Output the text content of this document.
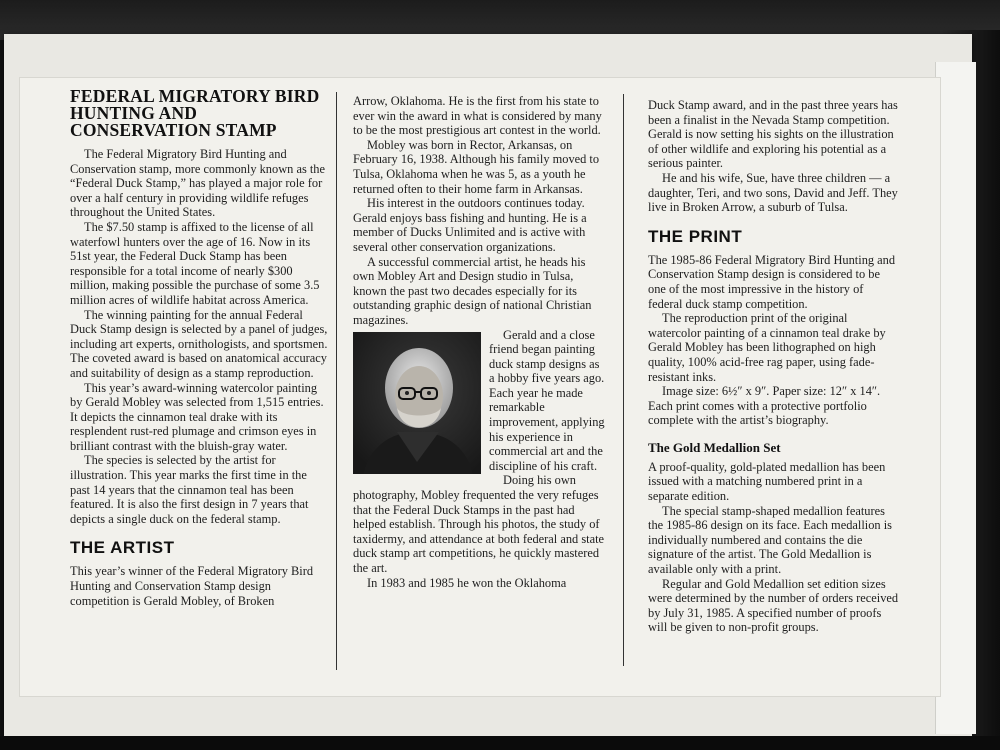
FEDERAL MIGRATORY BIRD HUNTING AND CONSERVATION STAMP

The Federal Migratory Bird Hunting and Conservation stamp, more commonly known as the “Federal Duck Stamp,” has played a major role for over a half century in providing wildlife refuges throughout the United States.

The $7.50 stamp is affixed to the license of all waterfowl hunters over the age of 16. Now in its 51st year, the Federal Duck Stamp has been responsible for a total income of nearly $300 million, making possible the purchase of some 3.5 million acres of wildlife habitat across America.

The winning painting for the annual Federal Duck Stamp design is selected by a panel of judges, including art experts, ornithologists, and sportsmen. The coveted award is based on anatomical accuracy and suitability of design as a stamp reproduction.

This year’s award-winning watercolor painting by Gerald Mobley was selected from 1,515 entries. It depicts the cinnamon teal drake with its resplendent rust-red plumage and crimson eyes in brilliant contrast with the bluish-gray water.

The species is selected by the artist for illustration. This year marks the first time in the past 14 years that the cinnamon teal has been featured. It is also the first design in 7 years that depicts a single duck on the federal stamp.

THE ARTIST

This year’s winner of the Federal Migratory Bird Hunting and Conservation Stamp design competition is Gerald Mobley, of Broken

Arrow, Oklahoma. He is the first from his state to ever win the award in what is considered by many to be the most prestigious art contest in the world.

Mobley was born in Rector, Arkansas, on February 16, 1938. Although his family moved to Tulsa, Oklahoma when he was 5, as a youth he returned often to their home farm in Arkansas.

His interest in the outdoors continues today. Gerald enjoys bass fishing and hunting. He is a member of Ducks Unlimited and is active with several other conservation organizations.

A successful commercial artist, he heads his own Mobley Art and Design studio in Tulsa, known the past two decades especially for its outstanding graphic design of national Christian magazines.

Gerald and a close friend began painting duck stamp designs as a hobby five years ago. Each year he made remarkable improvement, applying his experience in commercial art and the discipline of his craft.

Doing his own photography, Mobley frequented the very refuges that the Federal Duck Stamps in the past had helped establish. Through his photos, the study of taxidermy, and attendance at both federal and state duck stamp art competitions, he quickly mastered the art.

In 1983 and 1985 he won the Oklahoma

Duck Stamp award, and in the past three years has been a finalist in the Nevada Stamp competition. Gerald is now setting his sights on the illustration of other wildlife and exploring his potential as a serious painter.

He and his wife, Sue, have three children — a daughter, Teri, and two sons, David and Jeff. They live in Broken Arrow, a suburb of Tulsa.

THE PRINT

The 1985-86 Federal Migratory Bird Hunting and Conservation Stamp design is considered to be one of the most impressive in the history of federal duck stamp competition.

The reproduction print of the original watercolor painting of a cinnamon teal drake by Gerald Mobley has been lithographed on high quality, 100% acid-free rag paper, using fade-resistant inks.

Image size: 6½″ x 9″. Paper size: 12″ x 14″. Each print comes with a protective portfolio complete with the artist’s biography.

The Gold Medallion Set

A proof-quality, gold-plated medallion has been issued with a matching numbered print in a separate edition.

The special stamp-shaped medallion features the 1985-86 design on its face. Each medallion is individually numbered and contains the die signature of the artist. The Gold Medallion is available only with a print.

Regular and Gold Medallion set edition sizes were determined by the number of orders received by July 31, 1985. A specified number of proofs will be given to non-profit groups.
